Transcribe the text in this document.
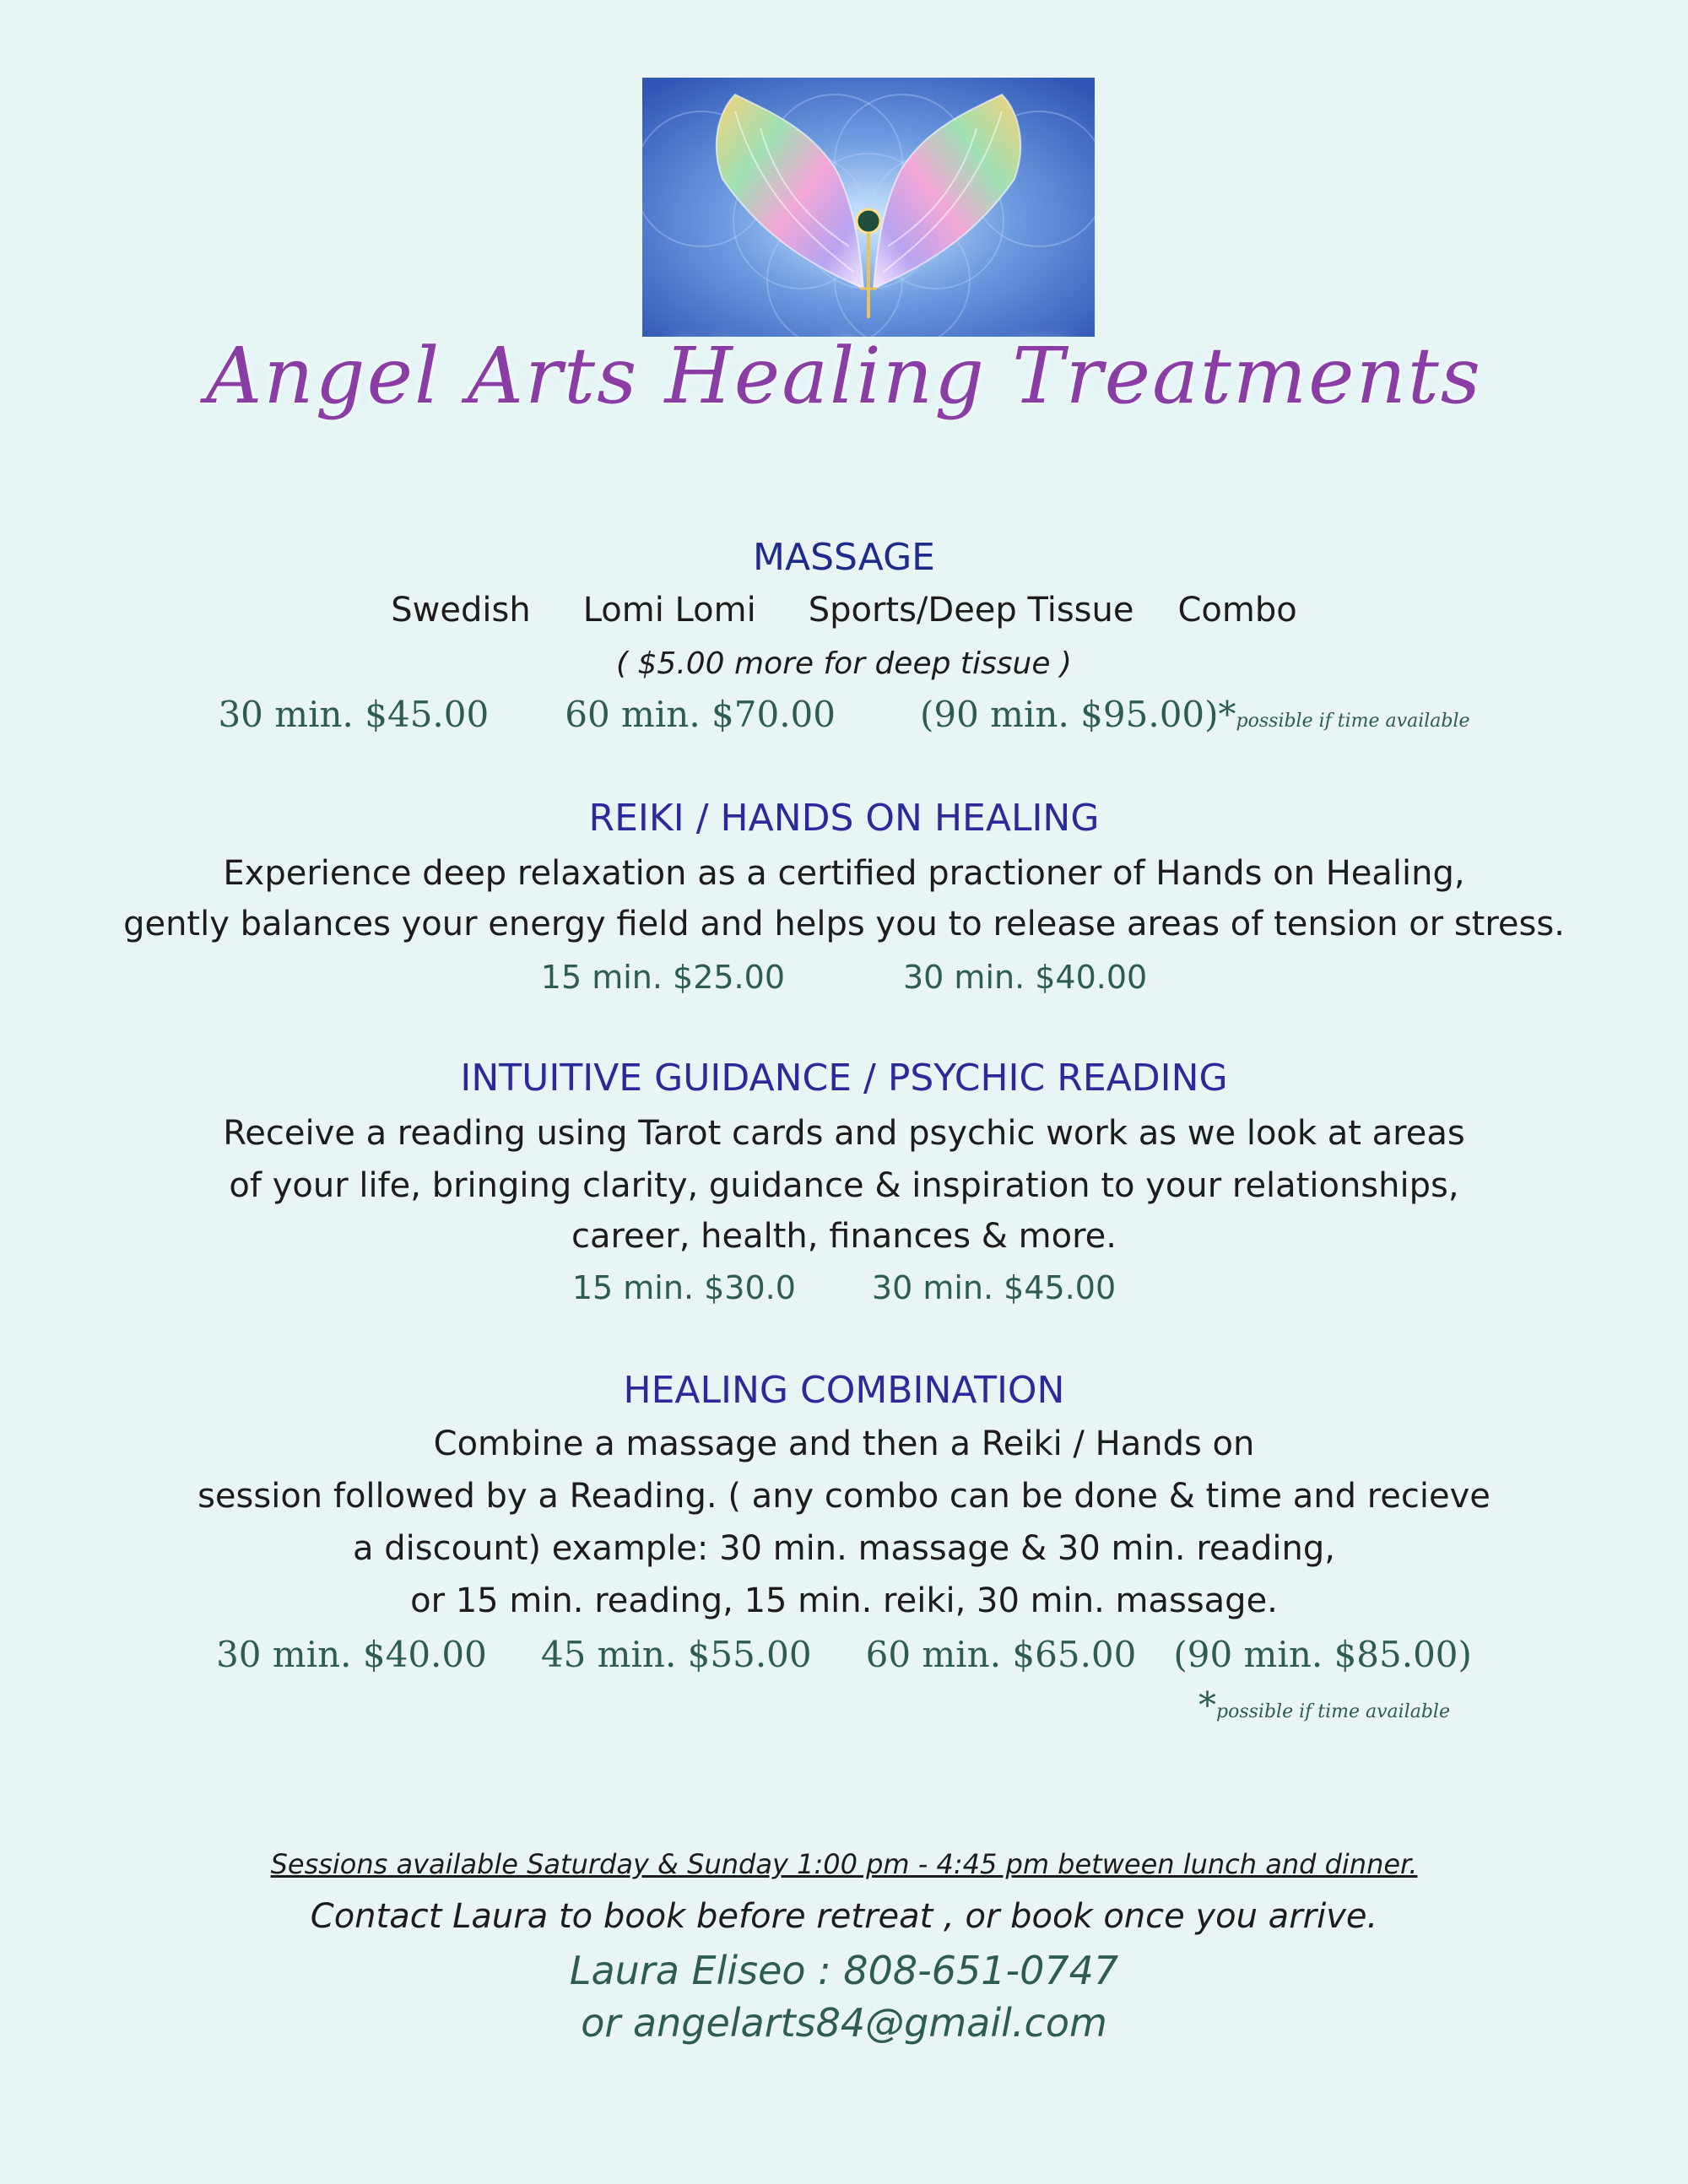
Angel Arts Healing Treatments
MASSAGE
Swedish Lomi Lomi Sports/Deep Tissue Combo
( $5.00 more for deep tissue )
30 min. $45.00 60 min. $70.00 (90 min. $95.00)*possible if time available
REIKI / HANDS ON HEALING
Experience deep relaxation as a certified practioner of Hands on Healing,
gently balances your energy field and helps you to release areas of tension or stress.
15 min. $25.00	30 min. $40.00
INTUITIVE GUIDANCE / PSYCHIC READING
Receive a reading using Tarot cards and psychic work as we look at areas
of your life, bringing clarity, guidance & inspiration to your relationships,
career, health, finances & more.
15 min. $30.0 30 min. $45.00
HEALING COMBINATION
Combine a massage and then a Reiki / Hands on
session followed by a Reading. ( any combo can be done & time and recieve
a discount) example: 30 min. massage & 30 min. reading,
or 15 min. reading, 15 min. reiki, 30 min. massage.
30 min. $40.00 45 min. $55.00 60 min. $65.00 (90 min. $85.00)
*possible if time available
Sessions available Saturday & Sunday 1:00 pm - 4:45 pm between lunch and dinner.
Contact Laura to book before retreat , or book once you arrive.
Laura Eliseo : 808-651-0747
or angelarts84@gmail.com
